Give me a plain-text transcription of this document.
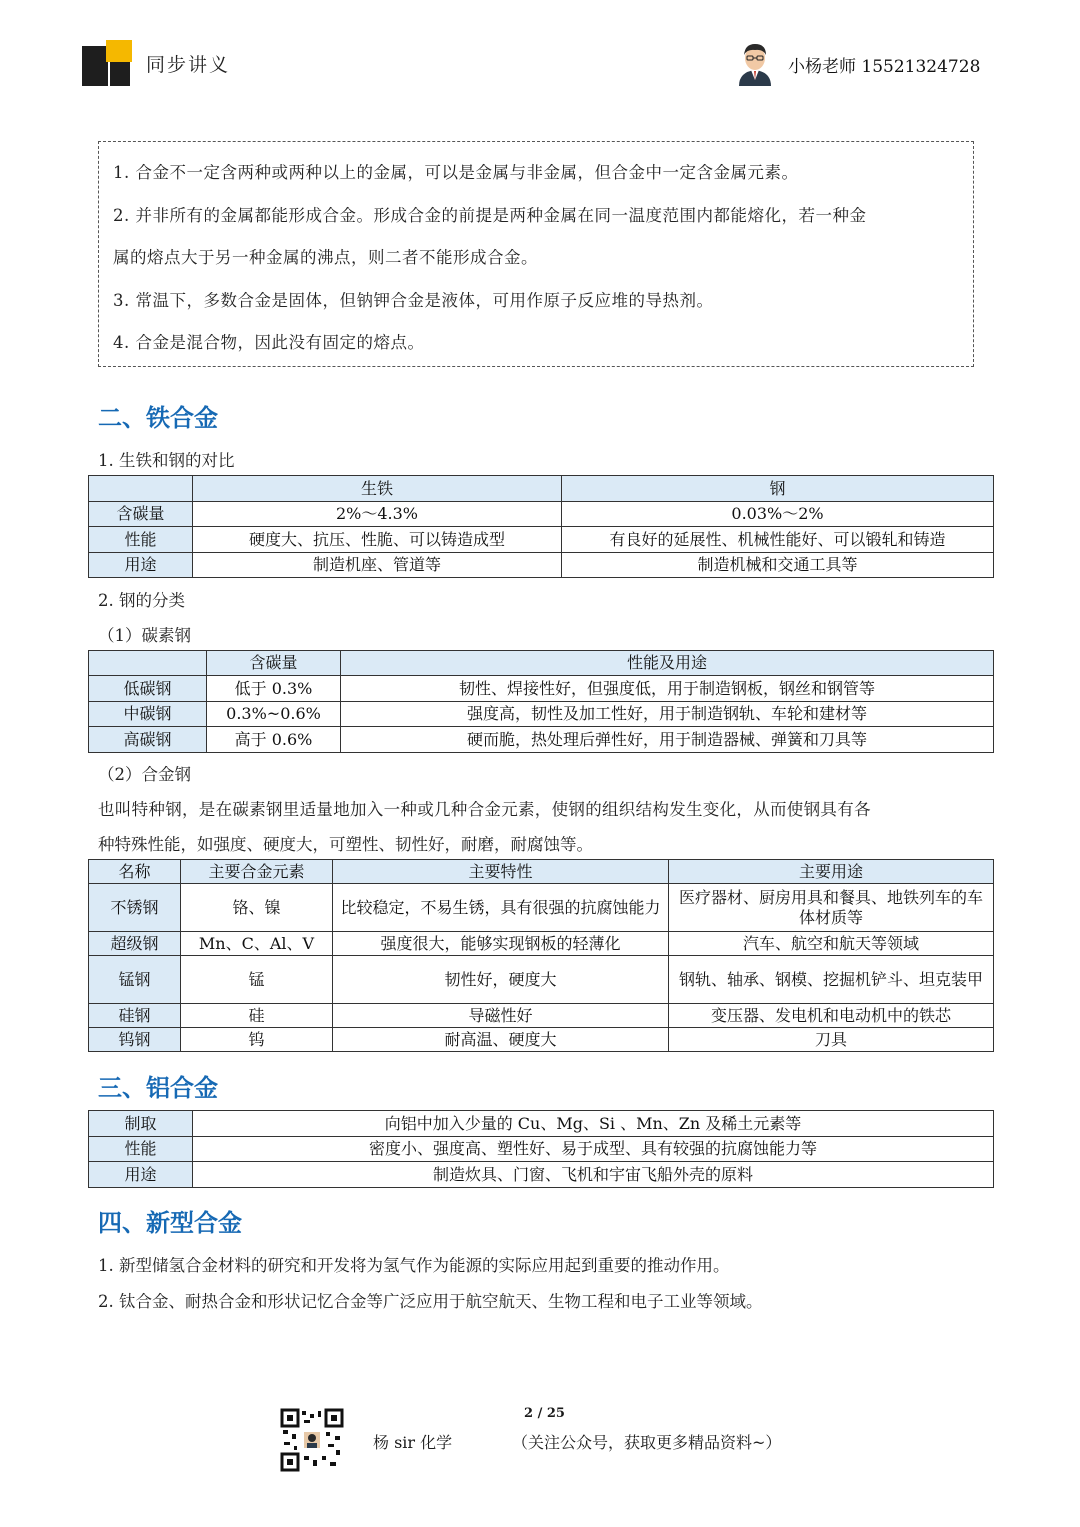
同步讲义	小杨老师 15521324728
1. 合金不一定含两种或两种以上的金属，可以是金属与非金属，但合金中一定含金属元素。
2. 并非所有的金属都能形成合金。形成合金的前提是两种金属在同一温度范围内都能熔化，若一种金
属的熔点大于另一种金属的沸点，则二者不能形成合金。
3. 常温下，多数合金是固体，但钠钾合金是液体，可用作原子反应堆的导热剂。
4. 合金是混合物，因此没有固定的熔点。
二、铁合金
1. 生铁和钢的对比
	生铁	钢
含碳量	2%～4.3%	0.03%～2%
性能	硬度大、抗压、性脆、可以铸造成型	有良好的延展性、机械性能好、可以锻轧和铸造
用途	制造机座、管道等	制造机械和交通工具等
2. 钢的分类
（1）碳素钢
	含碳量	性能及用途
低碳钢	低于 0.3%	韧性、焊接性好，但强度低，用于制造钢板，钢丝和钢管等
中碳钢	0.3%~0.6%	强度高，韧性及加工性好，用于制造钢轨、车轮和建材等
高碳钢	高于 0.6%	硬而脆，热处理后弹性好，用于制造器械、弹簧和刀具等
（2）合金钢
也叫特种钢，是在碳素钢里适量地加入一种或几种合金元素，使钢的组织结构发生变化，从而使钢具有各
种特殊性能，如强度、硬度大，可塑性、韧性好，耐磨，耐腐蚀等。
名称	主要合金元素	主要特性	主要用途
不锈钢	铬、镍	比较稳定，不易生锈，具有很强的抗腐蚀能力	医疗器材、厨房用具和餐具、地铁列车的车体材质等
超级钢	Mn、C、Al、V	强度很大，能够实现钢板的轻薄化	汽车、航空和航天等领域
锰钢	锰	韧性好，硬度大	钢轨、轴承、钢模、挖掘机铲斗、坦克装甲
硅钢	硅	导磁性好	变压器、发电机和电动机中的铁芯
钨钢	钨	耐高温、硬度大	刀具
三、铝合金
制取	向铝中加入少量的 Cu、Mg、Si 、Mn、Zn 及稀土元素等
性能	密度小、强度高、塑性好、易于成型、具有较强的抗腐蚀能力等
用途	制造炊具、门窗、飞机和宇宙飞船外壳的原料
四、新型合金
1. 新型储氢合金材料的研究和开发将为氢气作为能源的实际应用起到重要的推动作用。
2. 钛合金、耐热合金和形状记忆合金等广泛应用于航空航天、生物工程和电子工业等领域。
2 / 25
杨 sir 化学	（关注公众号，获取更多精品资料~）
